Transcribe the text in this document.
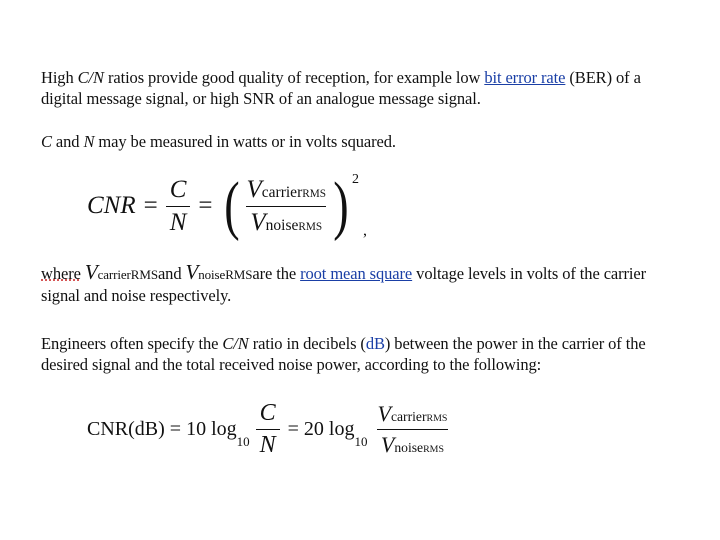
High C/N ratios provide good quality of reception, for example low bit error rate (BER) of a digital message signal, or high SNR of an analogue message signal.
C and N may be measured in watts or in volts squared.
CNR = $\frac{C}{N}$ = ( $\frac{\text{VcarrierRMS}}{\text{VnoiseRMS}}$ ) 2
,
where VcarrierRMSand VnoiseRMSare the root mean square voltage levels in volts of the carrier signal and noise respectively.
Engineers often specify the C/N ratio in decibels (dB) between the power in the carrier of the desired signal and the total received noise power, according to the following:
CNR(dB) = 10 log
$10 \frac{C}{N} = 20$ log
$10 \frac{\text{VcarrierRMS}}{\text{VnoiseRMS}}$
